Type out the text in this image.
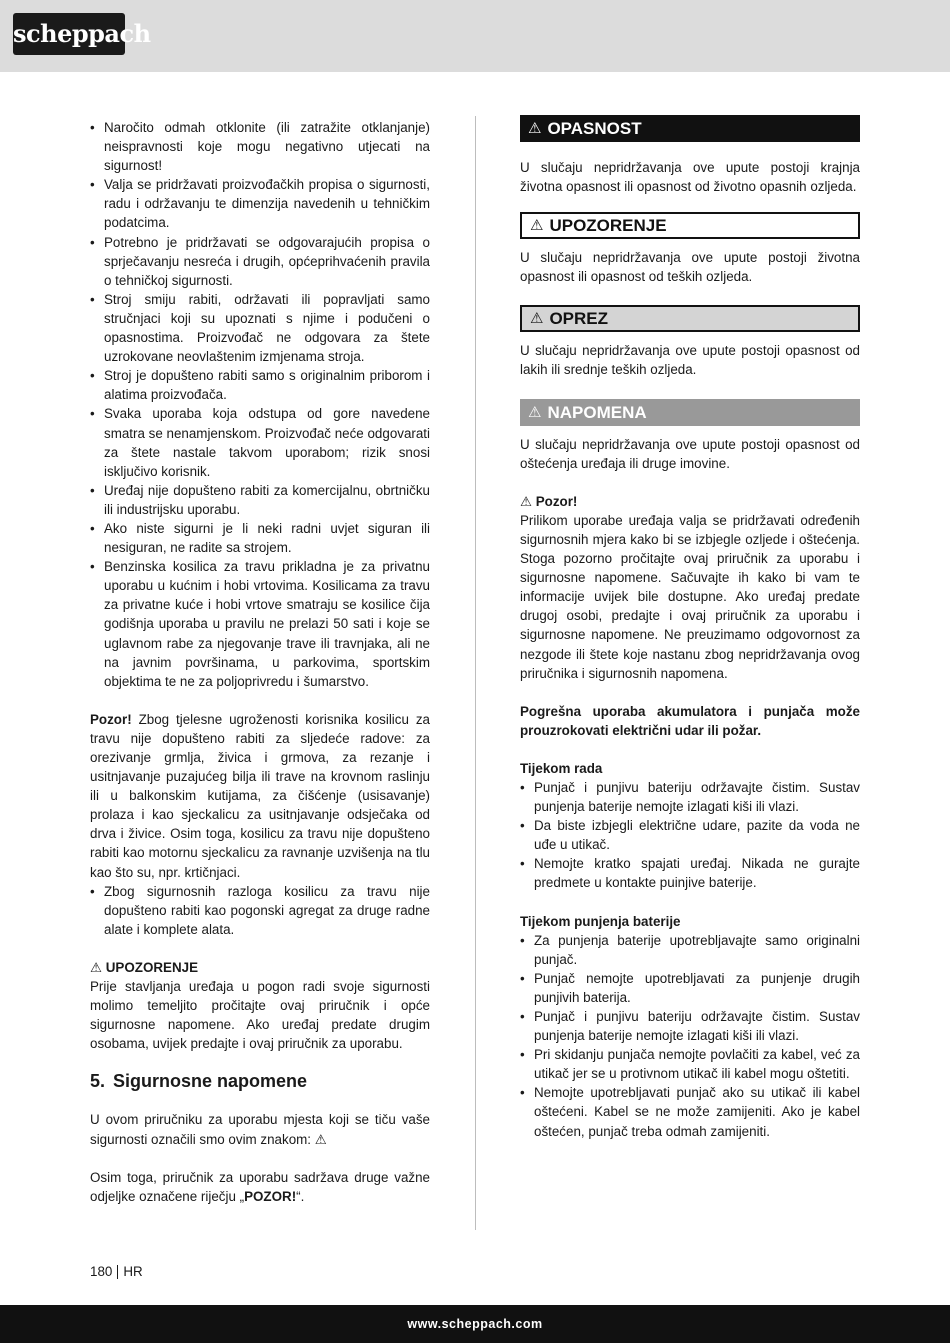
scheppach
• Naročito odmah otklonite (ili zatražite otklanjanje) neispravnosti koje mogu negativno utjecati na sigurnost!
• Valja se pridržavati proizvođačkih propisa o sigurnosti, radu i održavanju te dimenzija navedenih u tehničkim podatcima.
• Potrebno je pridržavati se odgovarajućih propisa o sprječavanju nesreća i drugih, općeprihvaćenih pravila o tehničkoj sigurnosti.
• Stroj smiju rabiti, održavati ili popravljati samo stručnjaci koji su upoznati s njime i podučeni o opasnostima. Proizvođač ne odgovara za štete uzrokovane neovlaštenim izmjenama stroja.
• Stroj je dopušteno rabiti samo s originalnim priborom i alatima proizvođača.
• Svaka uporaba koja odstupa od gore navedene smatra se nenamjenskom. Proizvođač neće odgovarati za štete nastale takvom uporabom; rizik snosi isključivo korisnik.
• Uređaj nije dopušteno rabiti za komercijalnu, obrtničku ili industrijsku uporabu.
• Ako niste sigurni je li neki radni uvjet siguran ili nesiguran, ne radite sa strojem.
• Benzinska kosilica za travu prikladna je za privatnu uporabu u kućnim i hobi vrtovima. Kosilicama za travu za privatne kuće i hobi vrtove smatraju se kosilice čija godišnja uporaba u pravilu ne prelazi 50 sati i koje se uglavnom rabe za njegovanje trave ili travnjaka, ali ne na javnim površinama, u parkovima, sportskim objektima te ne za poljoprivredu i šumarstvo.

Pozor! Zbog tjelesne ugroženosti korisnika kosilicu za travu nije dopušteno rabiti za sljedeće radove: za orezivanje grmlja, živica i grmova, za rezanje i usitnjavanje puzajućeg bilja ili trave na krovnom raslinju ili u balkonskim kutijama, za čišćenje (usisavanje) prolaza i kao sjeckalicu za usitnjavanje odsječaka od drva i živice. Osim toga, kosilicu za travu nije dopušteno rabiti kao motornu sjeckalicu za ravnanje uzvišenja na tlu kao što su, npr. krtičnjaci.

• Zbog sigurnosnih razloga kosilicu za travu nije dopušteno rabiti kao pogonski agregat za druge radne alate i komplete alata.

⚠ UPOZORENJE

Prije stavljanja uređaja u pogon radi svoje sigurnosti molimo temeljito pročitajte ovaj priručnik i opće sigurnosne napomene. Ako uređaj predate drugim osobama, uvijek predajte i ovaj priručnik za uporabu.

5. Sigurnosne napomene

U ovom priručniku za uporabu mjesta koji se tiču vaše sigurnosti označili smo ovim znakom: ⚠

Osim toga, priručnik za uporabu sadržava druge važne odjeljke označene riječju „POZOR!“.

⚠ OPASNOST

U slučaju nepridržavanja ove upute postoji krajnja životna opasnost ili opasnost od životno opasnih ozljeda.

⚠ UPOZORENJE

U slučaju nepridržavanja ove upute postoji životna opasnost ili opasnost od teških ozljeda.

⚠ OPREZ

U slučaju nepridržavanja ove upute postoji opasnost od lakih ili srednje teških ozljeda.

⚠ NAPOMENA

U slučaju nepridržavanja ove upute postoji opasnost od oštećenja uređaja ili druge imovine.

⚠ Pozor!

Prilikom uporabe uređaja valja se pridržavati određenih sigurnosnih mjera kako bi se izbjegle ozljede i oštećenja. Stoga pozorno pročitajte ovaj priručnik za uporabu i sigurnosne napomene. Sačuvajte ih kako bi vam te informacije uvijek bile dostupne. Ako uređaj predate drugoj osobi, predajte i ovaj priručnik za uporabu i sigurnosne napomene. Ne preuzimamo odgovornost za nezgode ili štete koje nastanu zbog nepridržavanja ovog priručnika i sigurnosnih napomena.

Pogrešna uporaba akumulatora i punjača može prouzrokovati električni udar ili požar.

Tijekom rada

• Punjač i punjivu bateriju održavajte čistim. Sustav punjenja baterije nemojte izlagati kiši ili vlazi.
• Da biste izbjegli električne udare, pazite da voda ne uđe u utikač.
• Nemojte kratko spajati uređaj. Nikada ne gurajte predmete u kontakte puinjive baterije.

Tijekom punjenja baterije

• Za punjenja baterije upotrebljavajte samo originalni punjač.
• Punjač nemojte upotrebljavati za punjenje drugih punjivih baterija.
• Punjač i punjivu bateriju održavajte čistim. Sustav punjenja baterije nemojte izlagati kiši ili vlazi.
• Pri skidanju punjača nemojte povlačiti za kabel, već za utikač jer se u protivnom utikač ili kabel mogu oštetiti.
• Nemojte upotrebljavati punjač ako su utikač ili kabel oštećeni. Kabel se ne može zamijeniti. Ako je kabel oštećen, punjač treba odmah zamijeniti.
180 HR
www.scheppach.com
